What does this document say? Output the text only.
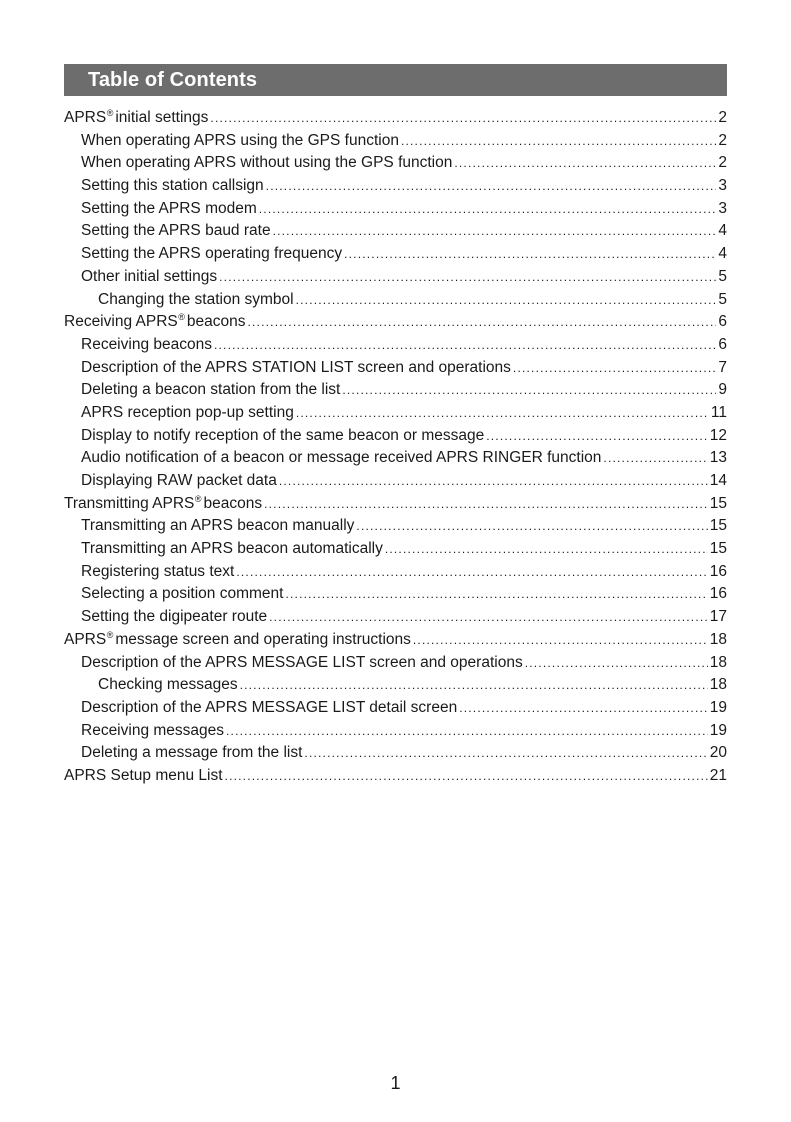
Table of Contents
APRS® initial settings .....	2
When operating APRS using the GPS function .....	2
When operating APRS without using the GPS function .....	2
Setting this station callsign .....	3
Setting the APRS modem .....	3
Setting the APRS baud rate .....	4
Setting the APRS operating frequency .....	4
Other initial settings .....	5
Changing the station symbol .....	5
Receiving APRS® beacons .....	6
Receiving beacons .....	6
Description of the APRS STATION LIST screen and operations .....	7
Deleting a beacon station from the list .....	9
APRS reception pop-up setting .....	11
Display to notify reception of the same beacon or message .....	12
Audio notification of a beacon or message received APRS RINGER function .....	13
Displaying RAW packet data .....	14
Transmitting APRS® beacons .....	15
Transmitting an APRS beacon manually .....	15
Transmitting an APRS beacon automatically .....	15
Registering status text .....	16
Selecting a position comment .....	16
Setting the digipeater route .....	17
APRS® message screen and operating instructions .....	18
Description of the APRS MESSAGE LIST screen and operations .....	18
Checking messages .....	18
Description of the APRS MESSAGE LIST detail screen .....	19
Receiving messages .....	19
Deleting a message from the list .....	20
APRS Setup menu List .....	21
1
